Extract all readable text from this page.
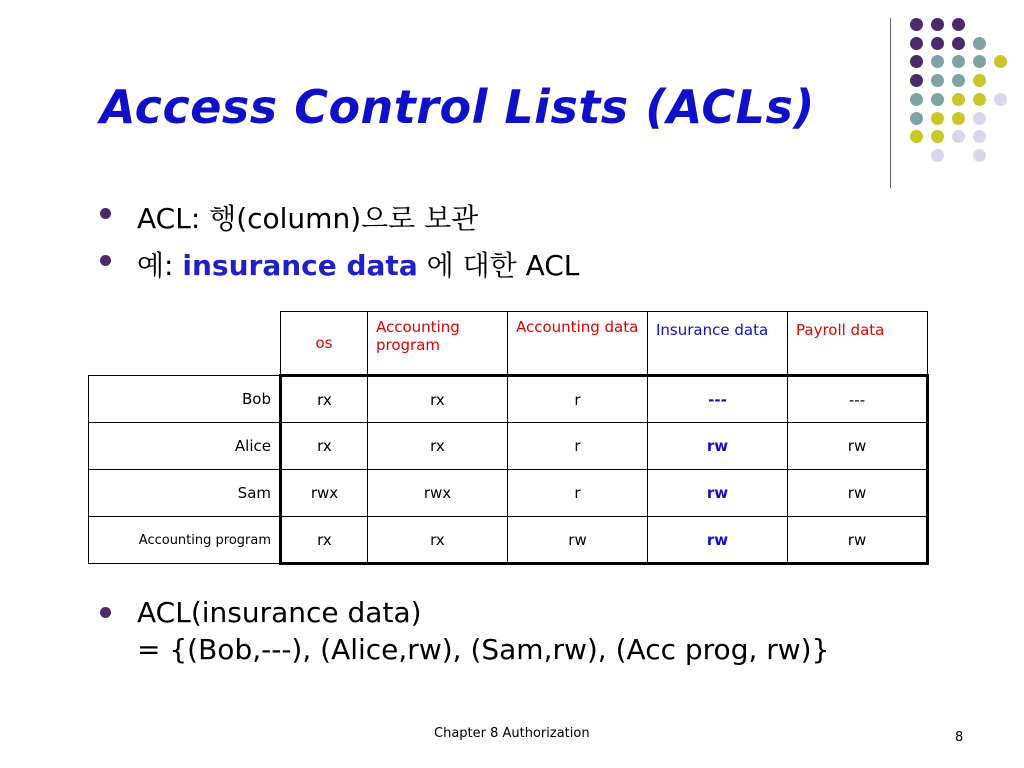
Access Control Lists (ACLs)
ACL: 행(column)으로 보관
예: insurance data 에 대한 ACL
	os	Accounting program	Accounting data	Insurance data	Payroll data
Bob	rx	rx	r	---	---
Alice	rx	rx	r	rw	rw
Sam	rwx	rwx	r	rw	rw
Accounting program	rx	rx	rw	rw	rw
ACL(insurance data)
= {(Bob,---), (Alice,rw), (Sam,rw), (Acc prog, rw)}
Chapter 8 Authorization	8
